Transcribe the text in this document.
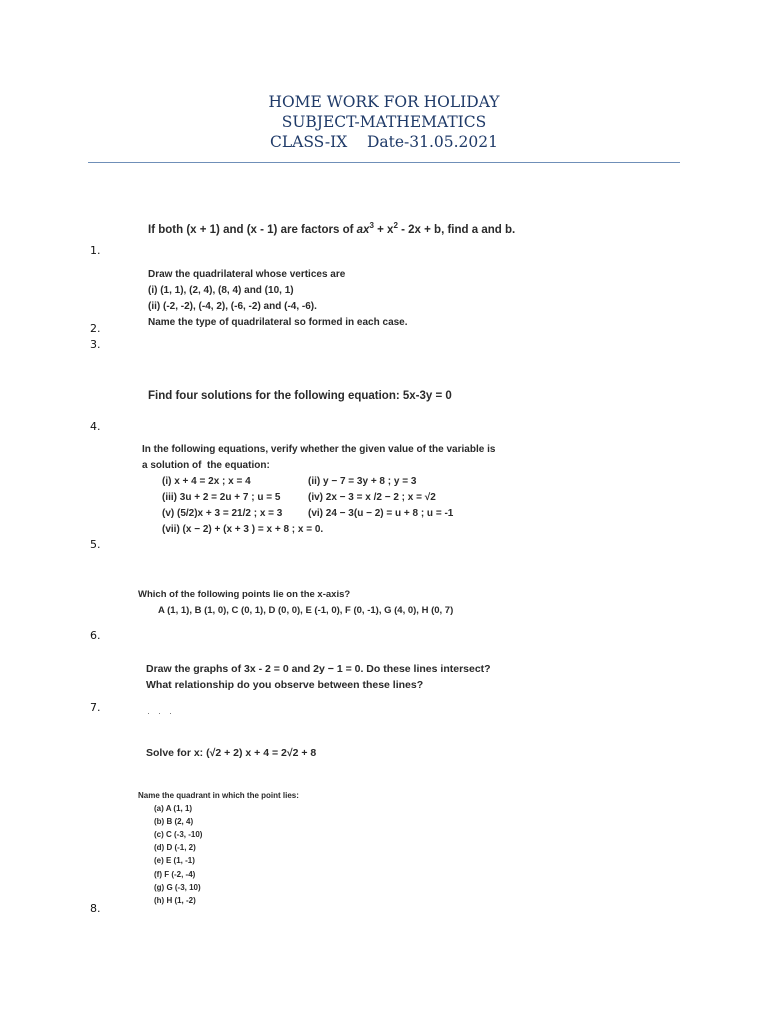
HOME WORK FOR HOLIDAY
SUBJECT-MATHEMATICS
CLASS-IX    Date-31.05.2021
1.
2.
3.
4.
5.
6.
7.
8.
If both (x + 1) and (x - 1) are factors of $ax^3 + x^2 - 2x + b$, find a and b.
Draw the quadrilateral whose vertices are
(i) (1, 1), (2, 4), (8, 4) and (10, 1)
(ii) (-2, -2), (-4, 2), (-6, -2) and (-4, -6).
Name the type of quadrilateral so formed in each case.
Find four solutions for the following equation: 5x-3y = 0
In the following equations, verify whether the given value of the variable is
a solution of  the equation:
(i) x + 4 = 2x ; x = 4	(ii) y − 7 = 3y + 8 ; y = 3
(iii) 3u + 2 = 2u + 7 ; u = 5	(iv) 2x − 3 = x /2 − 2 ; x = √2
(v) (5/2)x + 3 = 21/2 ; x = 3	(vi) 24 − 3(u − 2) = u + 8 ; u = -1
(vii) (x − 2) + (x + 3 ) = x + 8 ; x = 0.
Which of the following points lie on the x-axis?
A (1, 1), B (1, 0), C (0, 1), D (0, 0), E (-1, 0), F (0, -1), G (4, 0), H (0, 7)
Draw the graphs of 3x - 2 = 0 and 2y − 1 = 0. Do these lines intersect?
What relationship do you observe between these lines?
···
Solve for x: (√2 + 2) x + 4 = 2√2 + 8
Name the quadrant in which the point lies:
(a) A (1, 1)
(b) B (2, 4)
(c) C (-3, -10)
(d) D (-1, 2)
(e) E (1, -1)
(f) F (-2, -4)
(g) G (-3, 10)
(h) H (1, -2)
